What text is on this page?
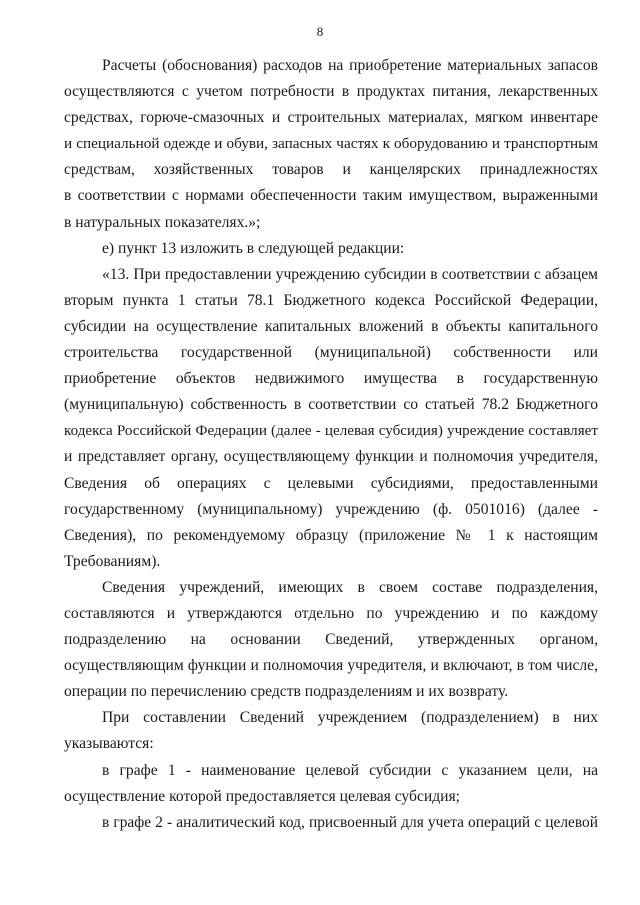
8
Расчеты (обоснования) расходов на приобретение материальных запасов
осуществляются с учетом потребности в продуктах питания, лекарственных
средствах, горюче-смазочных и строительных материалах, мягком инвентаре
и специальной одежде и обуви, запасных частях к оборудованию и транспортным
средствам, хозяйственных товаров и канцелярских принадлежностях
в соответствии с нормами обеспеченности таким имуществом, выраженными
в натуральных показателях.»;
е) пункт 13 изложить в следующей редакции:
«13. При предоставлении учреждению субсидии в соответствии с абзацем
вторым пункта 1 статьи 78.1 Бюджетного кодекса Российской Федерации,
субсидии на осуществление капитальных вложений в объекты капитального
строительства государственной (муниципальной) собственности или
приобретение объектов недвижимого имущества в государственную
(муниципальную) собственность в соответствии со статьей 78.2 Бюджетного
кодекса Российской Федерации (далее - целевая субсидия) учреждение составляет
и представляет органу, осуществляющему функции и полномочия учредителя,
Сведения об операциях с целевыми субсидиями, предоставленными
государственному (муниципальному) учреждению (ф. 0501016) (далее -
Сведения), по рекомендуемому образцу (приложение № 1 к настоящим
Требованиям).
Сведения учреждений, имеющих в своем составе подразделения,
составляются и утверждаются отдельно по учреждению и по каждому
подразделению на основании Сведений, утвержденных органом,
осуществляющим функции и полномочия учредителя, и включают, в том числе,
операции по перечислению средств подразделениям и их возврату.
При составлении Сведений учреждением (подразделением) в них
указываются:
в графе 1 - наименование целевой субсидии с указанием цели, на
осуществление которой предоставляется целевая субсидия;
в графе 2 - аналитический код, присвоенный для учета операций с целевой
